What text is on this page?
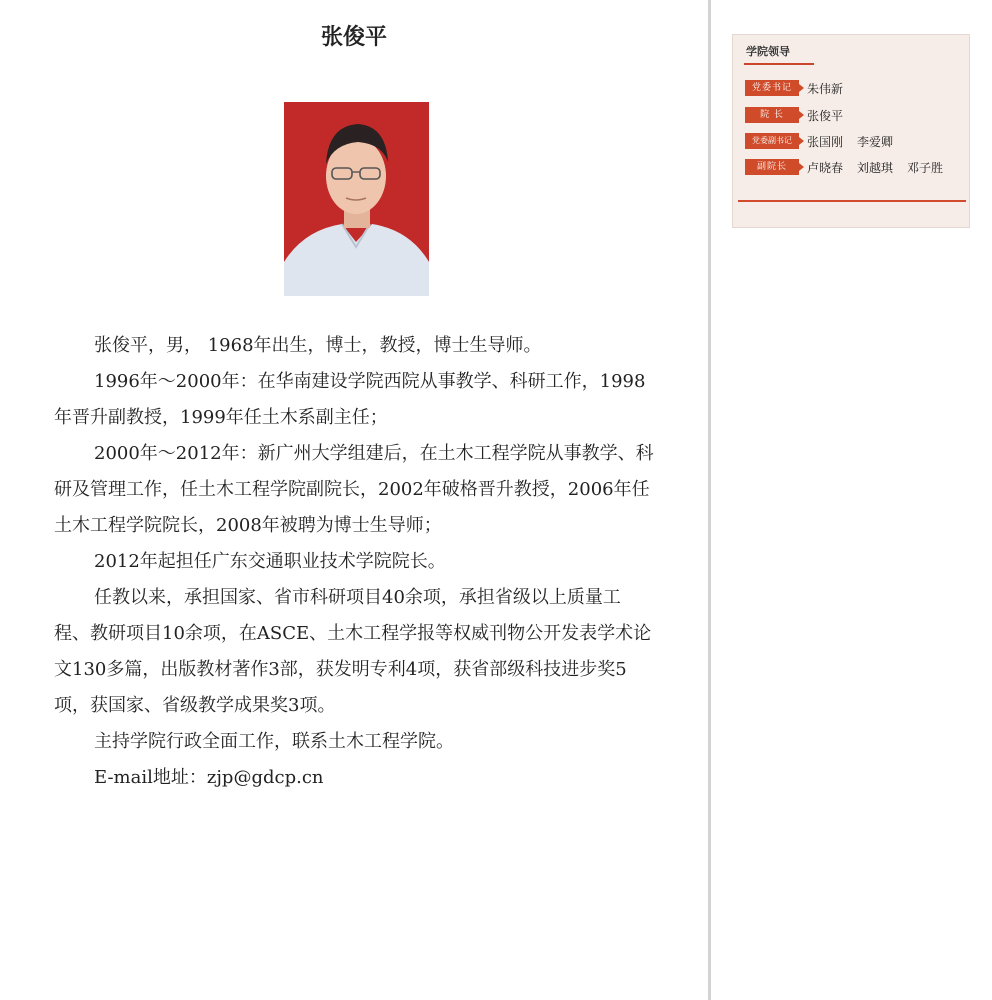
张俊平

张俊平，男， 1968年出生，博士，教授，博士生导师。

1996年～2000年：在华南建设学院西院从事教学、科研工作，1998年晋升副教授，1999年任土木系副主任；

2000年～2012年：新广州大学组建后，在土木工程学院从事教学、科研及管理工作，任土木工程学院副院长，2002年破格晋升教授，2006年任土木工程学院院长，2008年被聘为博士生导师；

2012年起担任广东交通职业技术学院院长。

任教以来，承担国家、省市科研项目40余项，承担省级以上质量工程、教研项目10余项，在ASCE、土木工程学报等权威刊物公开发表学术论文130多篇，出版教材著作3部，获发明专利4项，获省部级科技进步奖5项，获国家、省级教学成果奖3项。

主持学院行政全面工作，联系土木工程学院。

E-mail地址：zjp@gdcp.cn

学院领导
党委书记	朱伟新
院 长	张俊平
党委副书记	张国刚 李爱卿
副院长	卢晓春 刘越琪 邓子胜
